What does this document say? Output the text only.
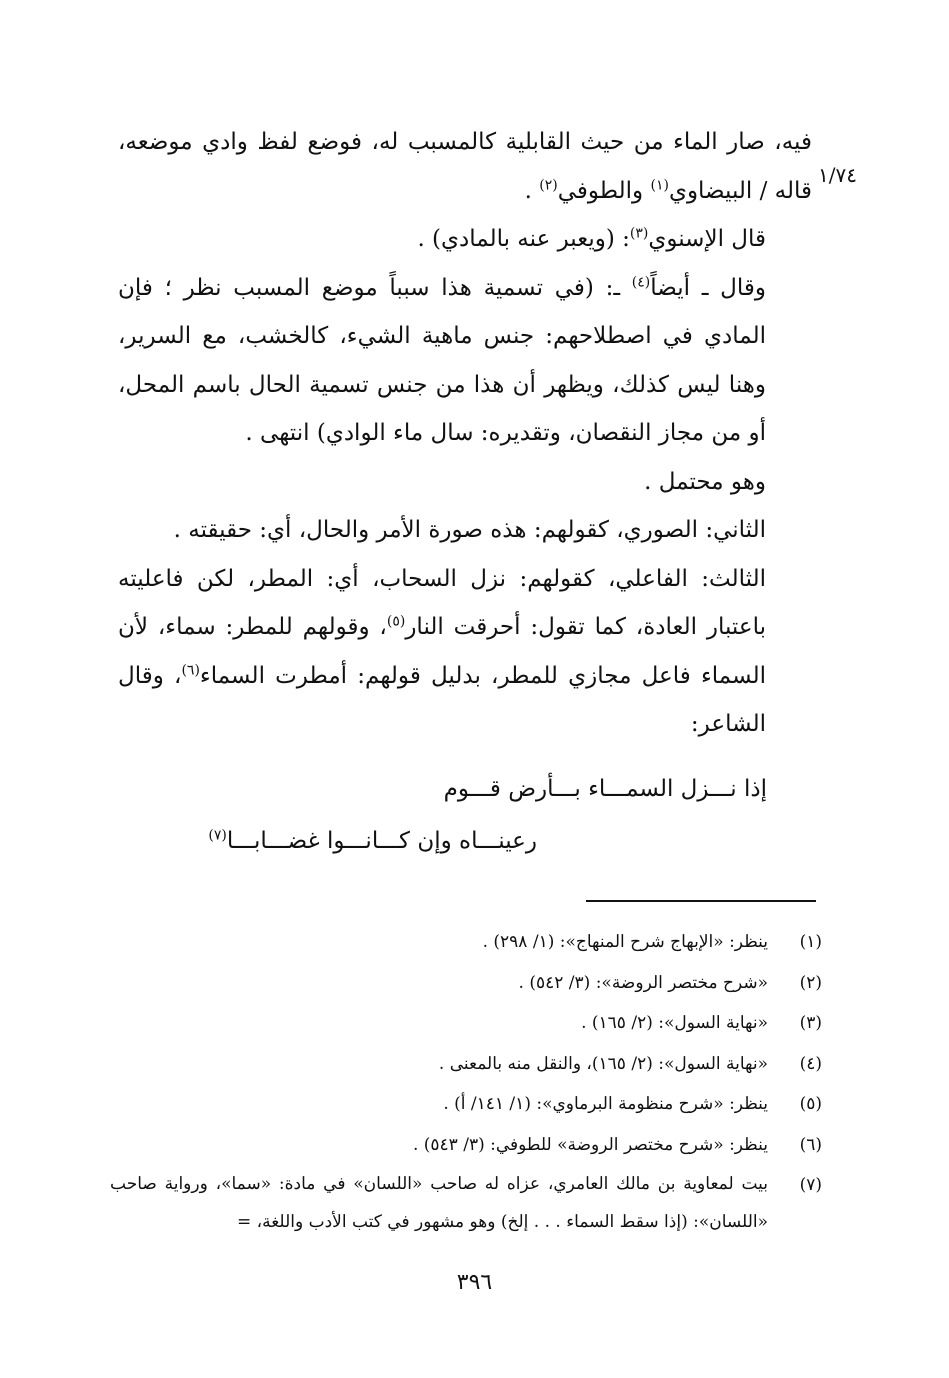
١/٧٤

فيه، صار الماء من حيث القابلية كالمسبب له، فوضع لفظ وادي موضعه، قاله / البيضاوي$^{(١)}$ والطوفي$^{(٢)}$ .

قال الإسنوي$^{(٣)}$: (ويعبر عنه بالمادي) .

وقال ـ أيضاً$^{(٤)}$ ـ: (في تسمية هذا سبباً موضع المسبب نظر ؛ فإن المادي في اصطلاحهم: جنس ماهية الشيء، كالخشب، مع السرير، وهنا ليس كذلك، ويظهر أن هذا من جنس تسمية الحال باسم المحل، أو من مجاز النقصان، وتقديره: سال ماء الوادي) انتهى .

وهو محتمل .

الثاني: الصوري، كقولهم: هذه صورة الأمر والحال، أي: حقيقته .

الثالث: الفاعلي، كقولهم: نزل السحاب، أي: المطر، لكن فاعليته باعتبار العادة، كما تقول: أحرقت النار$^{(٥)}$، وقولهم للمطر: سماء، لأن السماء فاعل مجازي للمطر، بدليل قولهم: أمطرت السماء$^{(٦)}$، وقال الشاعر:

إذا نـــزل السمـــاء بـــأرض قـــوم
رعينـــاه وإن كـــانـــوا غضـــابـــا$^{(٧)}$
(١)
ينظر: «الإبهاج شرح المنهاج»: (١/ ٢٩٨) .
(٢)
«شرح مختصر الروضة»: (٣/ ٥٤٢) .
(٣)
«نهاية السول»: (٢/ ١٦٥) .
(٤)
«نهاية السول»: (٢/ ١٦٥)، والنقل منه بالمعنى .
(٥)
ينظر: «شرح منظومة البرماوي»: (١/ ١٤١/ أ) .
(٦)
ينظر: «شرح مختصر الروضة» للطوفي: (٣/ ٥٤٣) .
(٧)
بيت لمعاوية بن مالك العامري، عزاه له صاحب «اللسان» في مادة: «سما»، ورواية صاحب «اللسان»: (إذا سقط السماء . . . إلخ) وهو مشهور في كتب الأدب واللغة، =
٣٩٦
